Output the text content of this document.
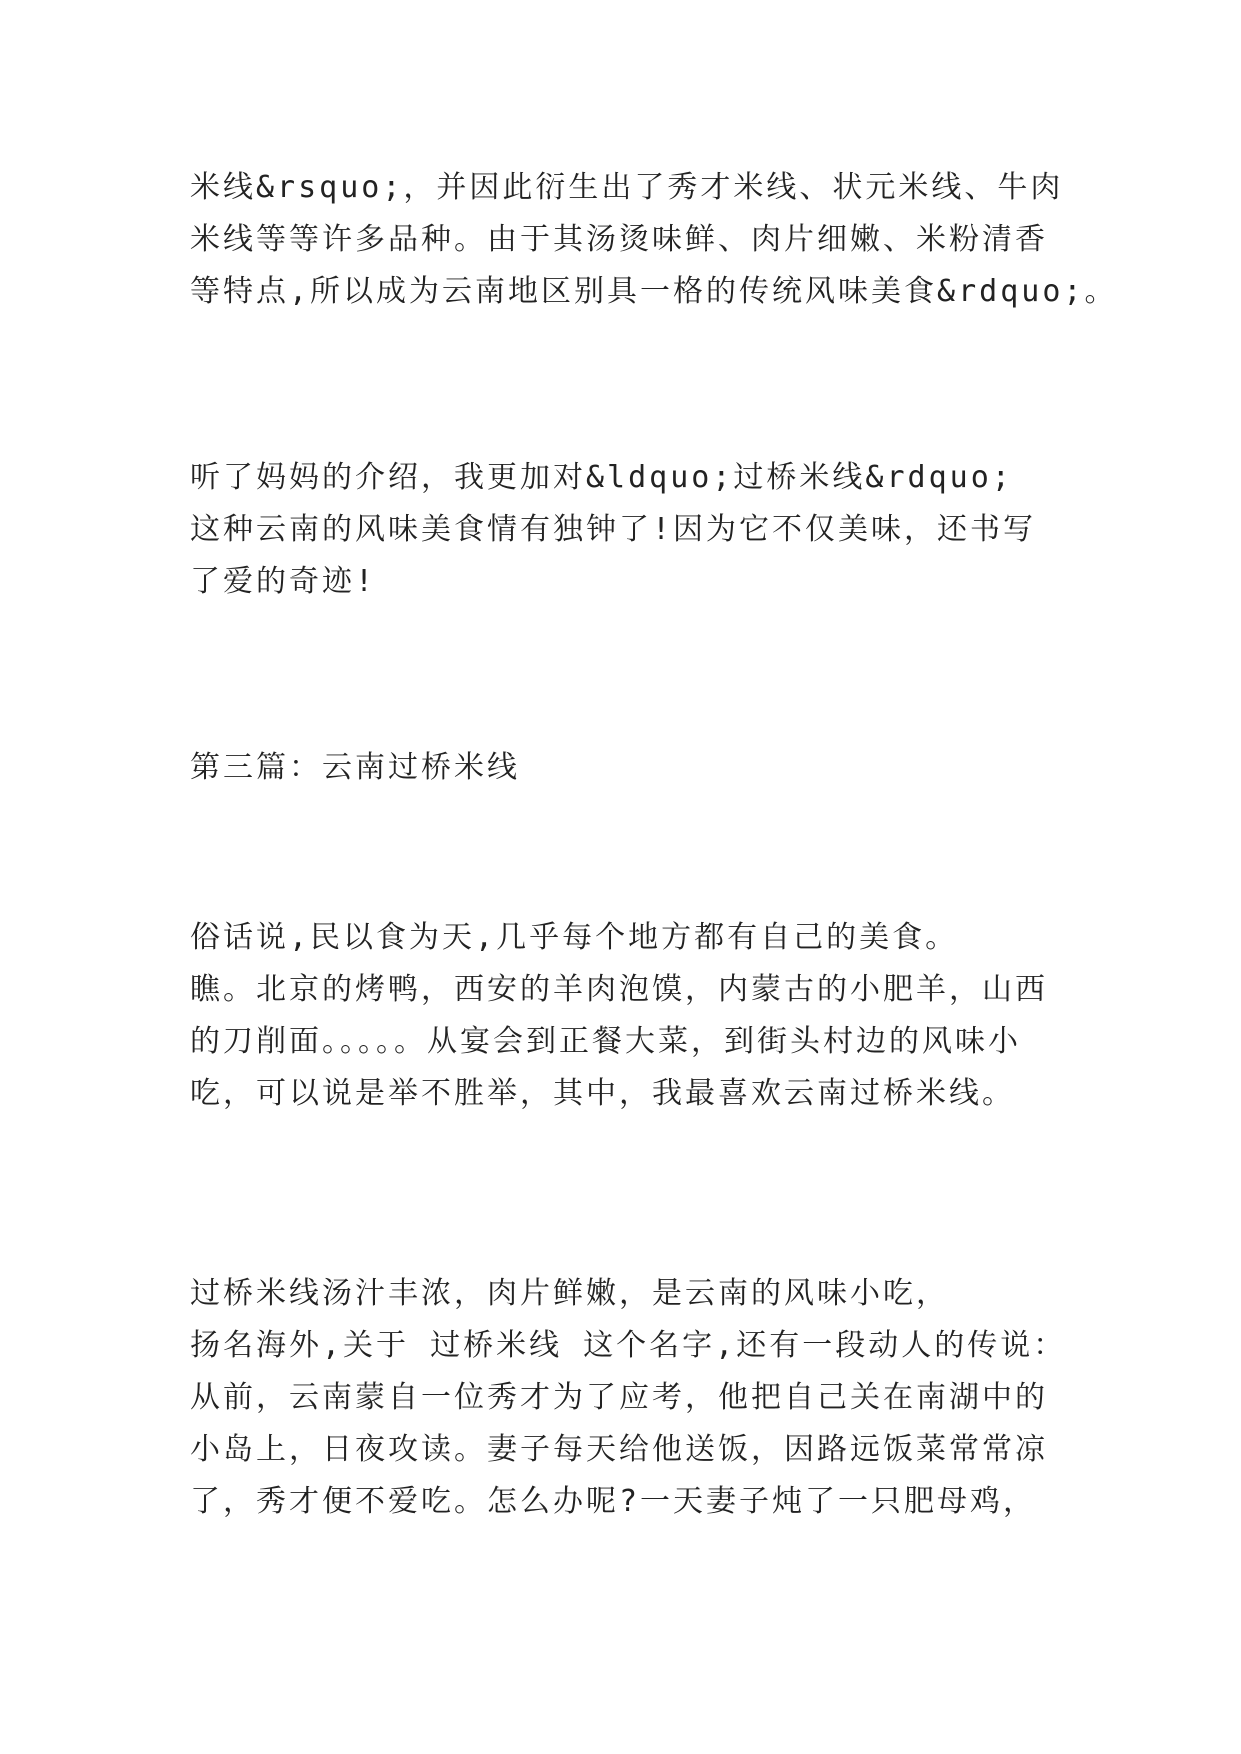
米线&rsquo;，并因此衍生出了秀才米线、状元米线、牛肉
米线等等许多品种。由于其汤烫味鲜、肉片细嫩、米粉清香
等特点,所以成为云南地区别具一格的传统风味美食&rdquo;。
听了妈妈的介绍，我更加对&ldquo;过桥米线&rdquo;
这种云南的风味美食情有独钟了!因为它不仅美味，还书写
了爱的奇迹!
第三篇：云南过桥米线
俗话说,民以食为天,几乎每个地方都有自己的美食。
瞧。北京的烤鸭，西安的羊肉泡馍，内蒙古的小肥羊，山西
的刀削面。。。。。从宴会到正餐大菜，到街头村边的风味小
吃，可以说是举不胜举，其中，我最喜欢云南过桥米线。
过桥米线汤汁丰浓，肉片鲜嫩，是云南的风味小吃，
扬名海外,关于 过桥米线 这个名字,还有一段动人的传说：
从前，云南蒙自一位秀才为了应考，他把自己关在南湖中的
小岛上，日夜攻读。妻子每天给他送饭，因路远饭菜常常凉
了，秀才便不爱吃。怎么办呢?一天妻子炖了一只肥母鸡，
